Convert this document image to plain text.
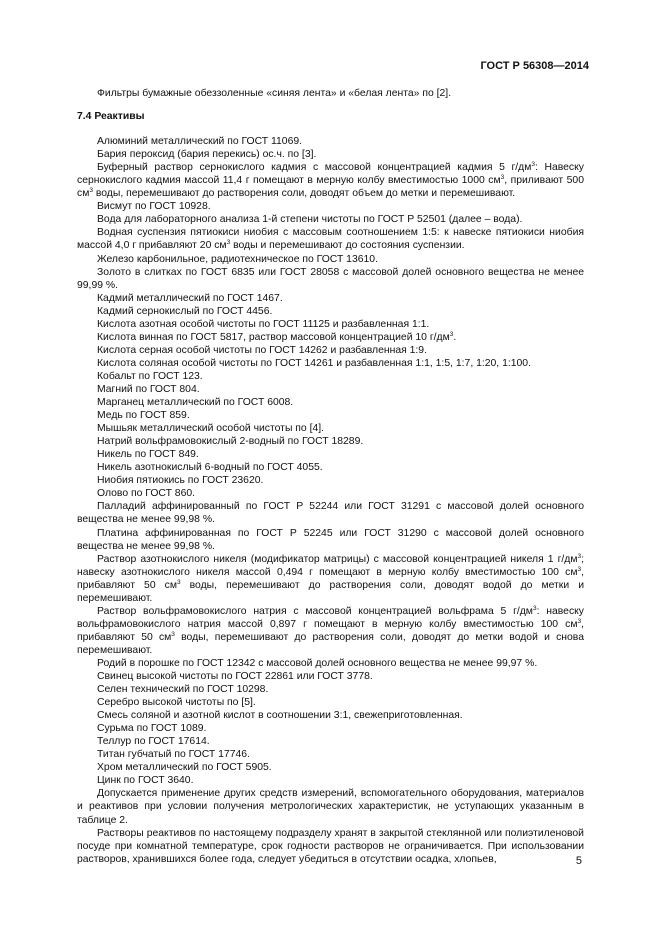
ГОСТ Р 56308—2014

Фильтры бумажные обеззоленные «синяя лента» и «белая лента» по [2].

7.4 Реактивы

Алюминий металлический по ГОСТ 11069.

Бария пероксид (бария перекись) ос.ч. по [3].

Буферный раствор сернокислого кадмия с массовой концентрацией кадмия 5 $г/дм^3$: Навеску сернокислого кадмия массой 11,4 г помещают в мерную колбу вместимостью 1000 $см^3$, приливают 500 $см^3$ воды, перемешивают до растворения соли, доводят объем до метки и перемешивают.

Висмут по ГОСТ 10928.

Вода для лабораторного анализа 1-й степени чистоты по ГОСТ Р 52501 (далее – вода).

Водная суспензия пятиокиси ниобия с массовым соотношением 1:5: к навеске пятиокиси ниобия массой 4,0 г прибавляют 20 $см^3$ воды и перемешивают до состояния суспензии.

Железо карбонильное, радиотехническое по ГОСТ 13610.

Золото в слитках по ГОСТ 6835 или ГОСТ 28058 с массовой долей основного вещества не менее 99,99 %.

Кадмий металлический по ГОСТ 1467.

Кадмий сернокислый по ГОСТ 4456.

Кислота азотная особой чистоты по ГОСТ 11125 и разбавленная 1:1.

Кислота винная по ГОСТ 5817, раствор массовой концентрацией 10 $г/дм^3$.

Кислота серная особой чистоты по ГОСТ 14262 и разбавленная 1:9.

Кислота соляная особой чистоты по ГОСТ 14261 и разбавленная 1:1, 1:5, 1:7, 1:20, 1:100.

Кобальт по ГОСТ 123.

Магний по ГОСТ 804.

Марганец металлический по ГОСТ 6008.

Медь по ГОСТ 859.

Мышьяк металлический особой чистоты по [4].

Натрий вольфрамовокислый 2-водный по ГОСТ 18289.

Никель по ГОСТ 849.

Никель азотнокислый 6-водный по ГОСТ 4055.

Ниобия пятиокись по ГОСТ 23620.

Олово по ГОСТ 860.

Палладий аффинированный по ГОСТ Р 52244 или ГОСТ 31291 с массовой долей основного вещества не менее 99,98 %.

Платина аффинированная по ГОСТ Р 52245 или ГОСТ 31290 с массовой долей основного вещества не менее 99,98 %.

Раствор азотнокислого никеля (модификатор матрицы) с массовой концентрацией никеля 1 $г/дм^3$; навеску азотнокислого никеля массой 0,494 г помещают в мерную колбу вместимостью 100 $см^3$, прибавляют 50 $см^3$ воды, перемешивают до растворения соли, доводят водой до метки и перемешивают.

Раствор вольфрамовокислого натрия с массовой концентрацией вольфрама 5 $г/дм^3$: навеску вольфрамовокислого натрия массой 0,897 г помещают в мерную колбу вместимостью 100 $см^3$, прибавляют 50 $см^3$ воды, перемешивают до растворения соли, доводят до метки водой и снова перемешивают.

Родий в порошке по ГОСТ 12342 с массовой долей основного вещества не менее 99,97 %.

Свинец высокой чистоты по ГОСТ 22861 или ГОСТ 3778.

Селен технический по ГОСТ 10298.

Серебро высокой чистоты по [5].

Смесь соляной и азотной кислот в соотношении 3:1, свежеприготовленная.

Сурьма по ГОСТ 1089.

Теллур по ГОСТ 17614.

Титан губчатый по ГОСТ 17746.

Хром металлический по ГОСТ 5905.

Цинк по ГОСТ 3640.

Допускается применение других средств измерений, вспомогательного оборудования, материалов и реактивов при условии получения метрологических характеристик, не уступающих указанным в таблице 2.

Растворы реактивов по настоящему подразделу хранят в закрытой стеклянной или полиэтиленовой посуде при комнатной температуре, срок годности растворов не ограничивается. При использовании растворов, хранившихся более года, следует убедиться в отсутствии осадка, хлопьев,	5
